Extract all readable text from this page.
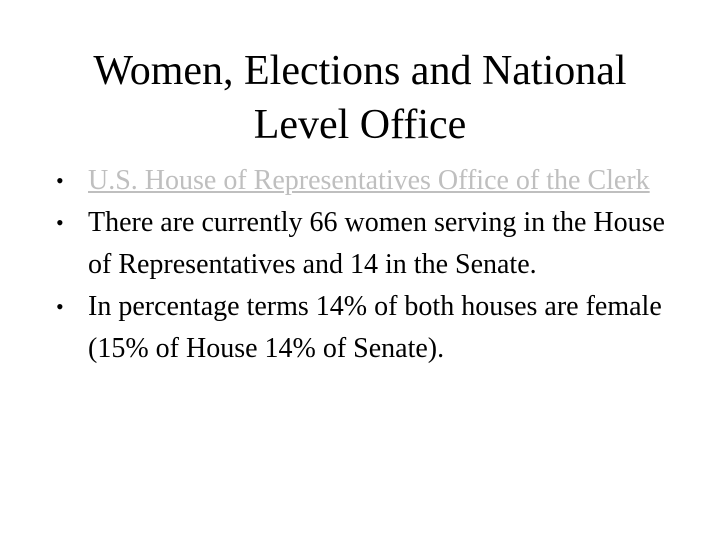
Women, Elections and National
Level Office
• U.S. House of Representatives Office of the Clerk
• There are currently 66 women serving in the House of Representatives and 14 in the Senate.
• In percentage terms 14% of both houses are female (15% of House 14% of Senate).
